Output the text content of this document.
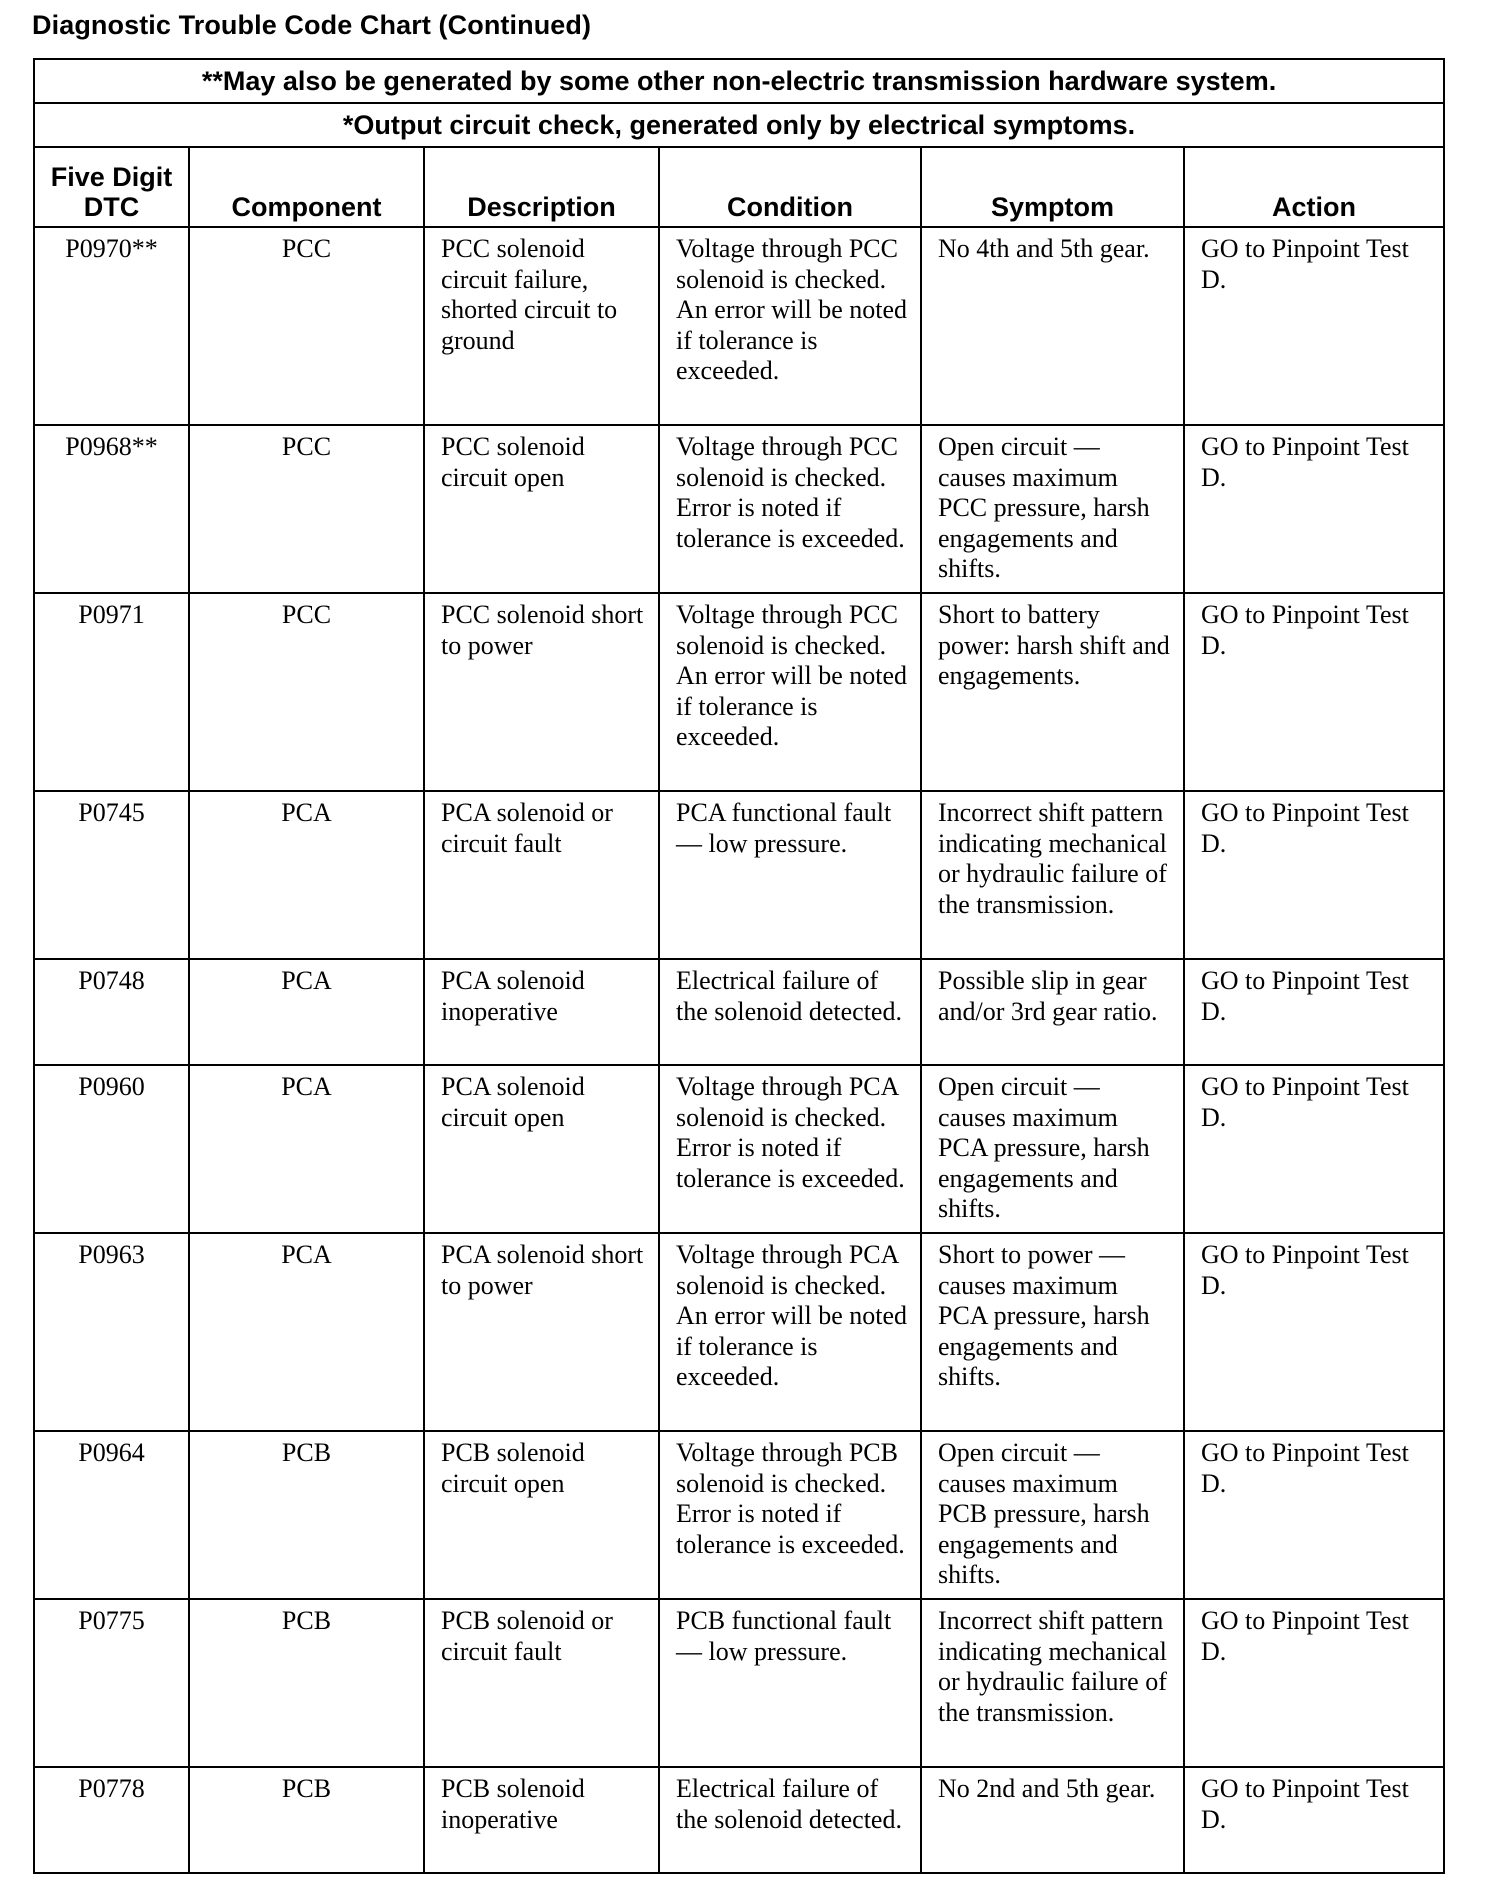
Diagnostic Trouble Code Chart (Continued)
**May also be generated by some other non-electric transmission hardware system.					
*Output circuit check, generated only by electrical symptoms.					

Five Digit
DTC	Component	Description	Condition	Symptom	Action

P0970**	PCC	PCC solenoid circuit failure, shorted circuit to ground	Voltage through PCC solenoid is checked. An error will be noted if tolerance is exceeded.	No 4th and 5th gear.	GO to Pinpoint Test D.

P0968**	PCC	PCC solenoid circuit open	Voltage through PCC solenoid is checked. Error is noted if tolerance is exceeded.	Open circuit — causes maximum PCC pressure, harsh engagements and shifts.	GO to Pinpoint Test D.

P0971	PCC	PCC solenoid short to power	Voltage through PCC solenoid is checked. An error will be noted if tolerance is exceeded.	Short to battery power: harsh shift and engagements.	GO to Pinpoint Test D.

P0745	PCA	PCA solenoid or circuit fault	PCA functional fault — low pressure.	Incorrect shift pattern indicating mechanical or hydraulic failure of the transmission.	GO to Pinpoint Test D.

P0748	PCA	PCA solenoid inoperative	Electrical failure of the solenoid detected.	Possible slip in gear and/or 3rd gear ratio.	GO to Pinpoint Test D.

P0960	PCA	PCA solenoid circuit open	Voltage through PCA solenoid is checked. Error is noted if tolerance is exceeded.	Open circuit — causes maximum PCA pressure, harsh engagements and shifts.	GO to Pinpoint Test D.

P0963	PCA	PCA solenoid short to power	Voltage through PCA solenoid is checked. An error will be noted if tolerance is exceeded.	Short to power — causes maximum PCA pressure, harsh engagements and shifts.	GO to Pinpoint Test D.

P0964	PCB	PCB solenoid circuit open	Voltage through PCB solenoid is checked. Error is noted if tolerance is exceeded.	Open circuit — causes maximum PCB pressure, harsh engagements and shifts.	GO to Pinpoint Test D.

P0775	PCB	PCB solenoid or circuit fault	PCB functional fault — low pressure.	Incorrect shift pattern indicating mechanical or hydraulic failure of the transmission.	GO to Pinpoint Test D.

P0778	PCB	PCB solenoid inoperative	Electrical failure of the solenoid detected.	No 2nd and 5th gear.	GO to Pinpoint Test D.
